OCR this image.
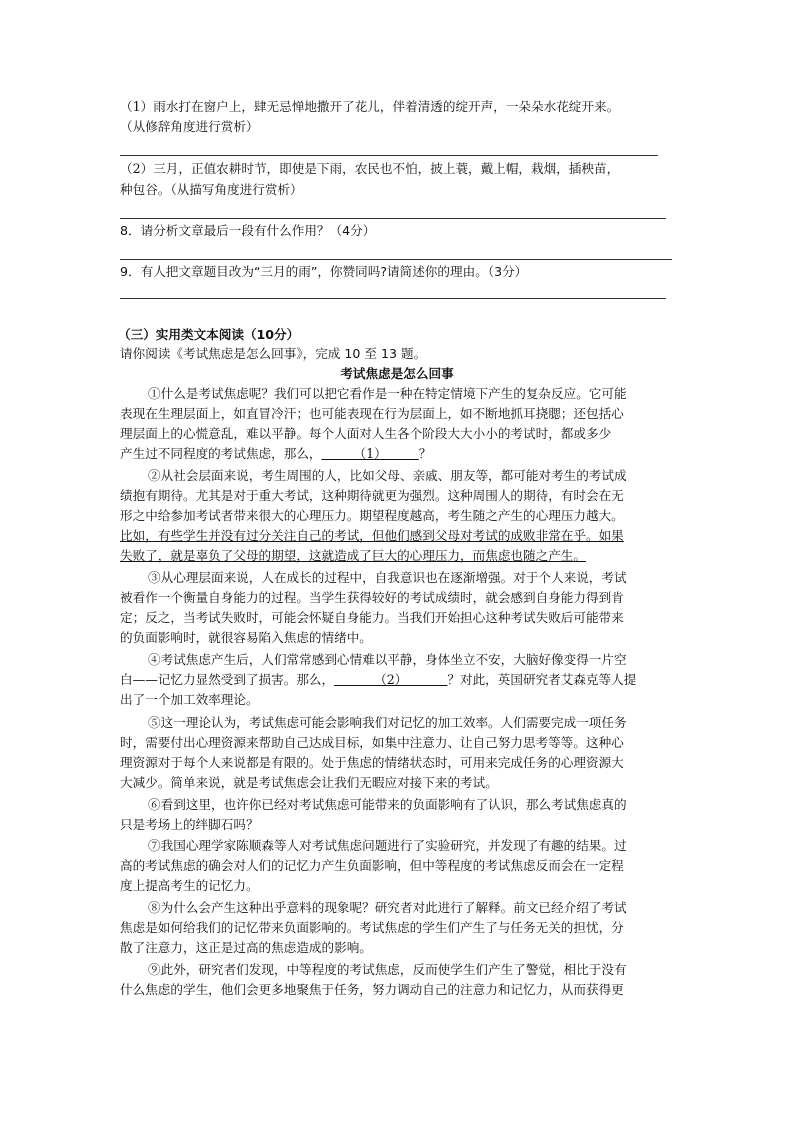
（1）雨水打在窗户上，肆无忌惮地撒开了花儿，伴着清透的绽开声，一朵朵水花绽开来。
（从修辞角度进行赏析）
（2）三月，正值农耕时节，即使是下雨，农民也不怕，披上蓑，戴上帽，栽烟，插秧苗，
种包谷。（从描写角度进行赏析）
8．请分析文章最后一段有什么作用？（4分）
9．有人把文章题目改为“三月的雨”，你赞同吗?请简述你的理由。（3分）
（三）实用类文本阅读（10分）
请你阅读《考试焦虑是怎么回事》，完成 10 至 13 题。
考试焦虑是怎么回事
①什么是考试焦虑呢？我们可以把它看作是一种在特定情境下产生的复杂反应。它可能
表现在生理层面上，如直冒冷汗；也可能表现在行为层面上，如不断地抓耳挠腮；还包括心
理层面上的心慌意乱，难以平静。每个人面对人生各个阶段大大小小的考试时，都或多少
产生过不同程度的考试焦虑，那么，	（1）	？
②从社会层面来说，考生周围的人，比如父母、亲戚、朋友等，都可能对考生的考试成
绩抱有期待。尤其是对于重大考试，这种期待就更为强烈。这种周围人的期待，有时会在无
形之中给参加考试者带来很大的心理压力。期望程度越高，考生随之产生的心理压力越大。
比如，有些学生并没有过分关注自己的考试，但他们感到父母对考试的成败非常在乎。如果
失败了，就是辜负了父母的期望，这就造成了巨大的心理压力，而焦虑也随之产生。
③从心理层面来说，人在成长的过程中，自我意识也在逐渐增强。对于个人来说，考试
被看作一个衡量自身能力的过程。当学生获得较好的考试成绩时，就会感到自身能力得到肯
定；反之，当考试失败时，可能会怀疑自身能力。当我们开始担心这种考试失败后可能带来
的负面影响时，就很容易陷入焦虑的情绪中。
④考试焦虑产生后，人们常常感到心情难以平静，身体坐立不安，大脑好像变得一片空
白——记忆力显然受到了损害。那么，	（2）	？对此，英国研究者艾森克等人提
出了一个加工效率理论。
⑤这一理论认为，考试焦虑可能会影响我们对记忆的加工效率。人们需要完成一项任务
时，需要付出心理资源来帮助自己达成目标，如集中注意力、让自己努力思考等等。这种心
理资源对于每个人来说都是有限的。处于焦虑的情绪状态时，可用来完成任务的心理资源大
大减少。简单来说，就是考试焦虑会让我们无暇应对接下来的考试。
⑥看到这里，也许你已经对考试焦虑可能带来的负面影响有了认识，那么考试焦虑真的
只是考场上的绊脚石吗？
⑦我国心理学家陈顺森等人对考试焦虑问题进行了实验研究，并发现了有趣的结果。过
高的考试焦虑的确会对人们的记忆力产生负面影响，但中等程度的考试焦虑反而会在一定程
度上提高考生的记忆力。
⑧为什么会产生这种出乎意料的现象呢？研究者对此进行了解释。前文已经介绍了考试
焦虑是如何给我们的记忆带来负面影响的。考试焦虑的学生们产生了与任务无关的担忧，分
散了注意力，这正是过高的焦虑造成的影响。
⑨此外，研究者们发现，中等程度的考试焦虑，反而使学生们产生了警觉，相比于没有
什么焦虑的学生，他们会更多地聚焦于任务，努力调动自己的注意力和记忆力，从而获得更
